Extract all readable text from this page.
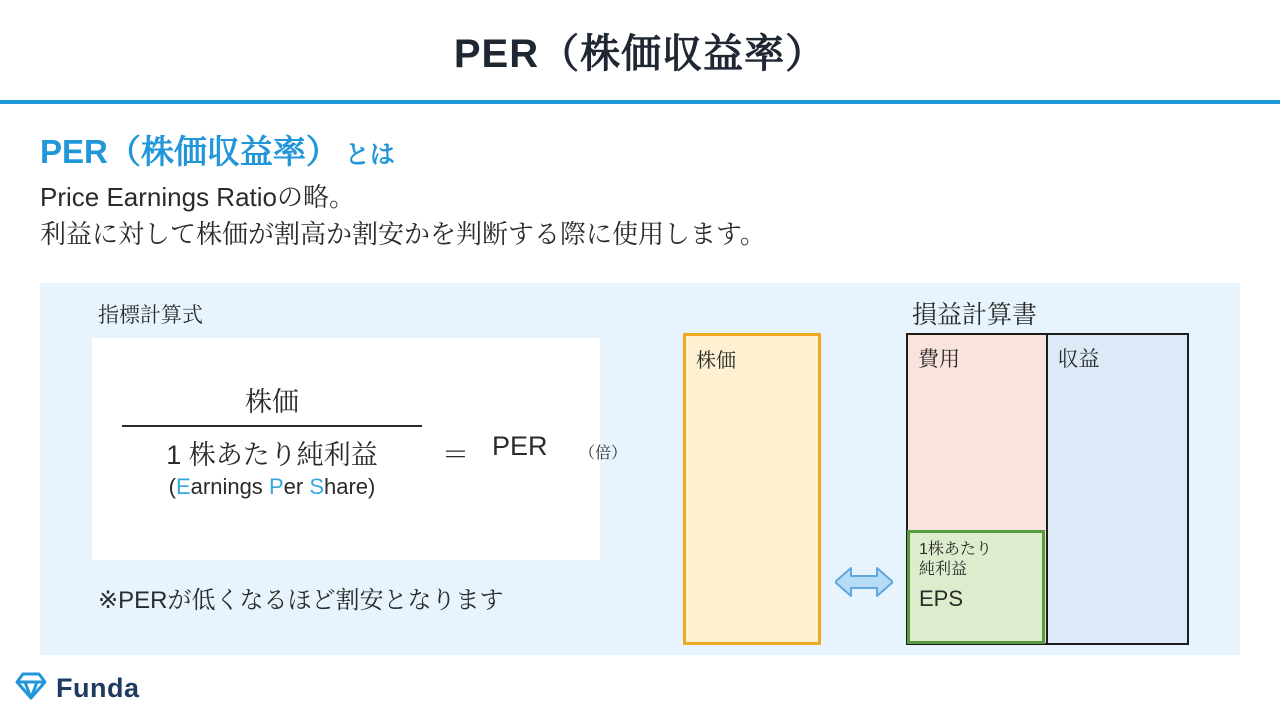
PER（株価収益率）
PER（株価収益率） とは
Price Earnings Ratioの略。
利益に対して株価が割高か割安かを判断する際に使用します。
指標計算式	損益計算書
株価
1 株あたり純利益
(Earnings Per Share)
＝ PER （倍）
※PERが低くなるほど割安となります
株価	費用
1株あたり
純利益
EPS
収益
Funda
